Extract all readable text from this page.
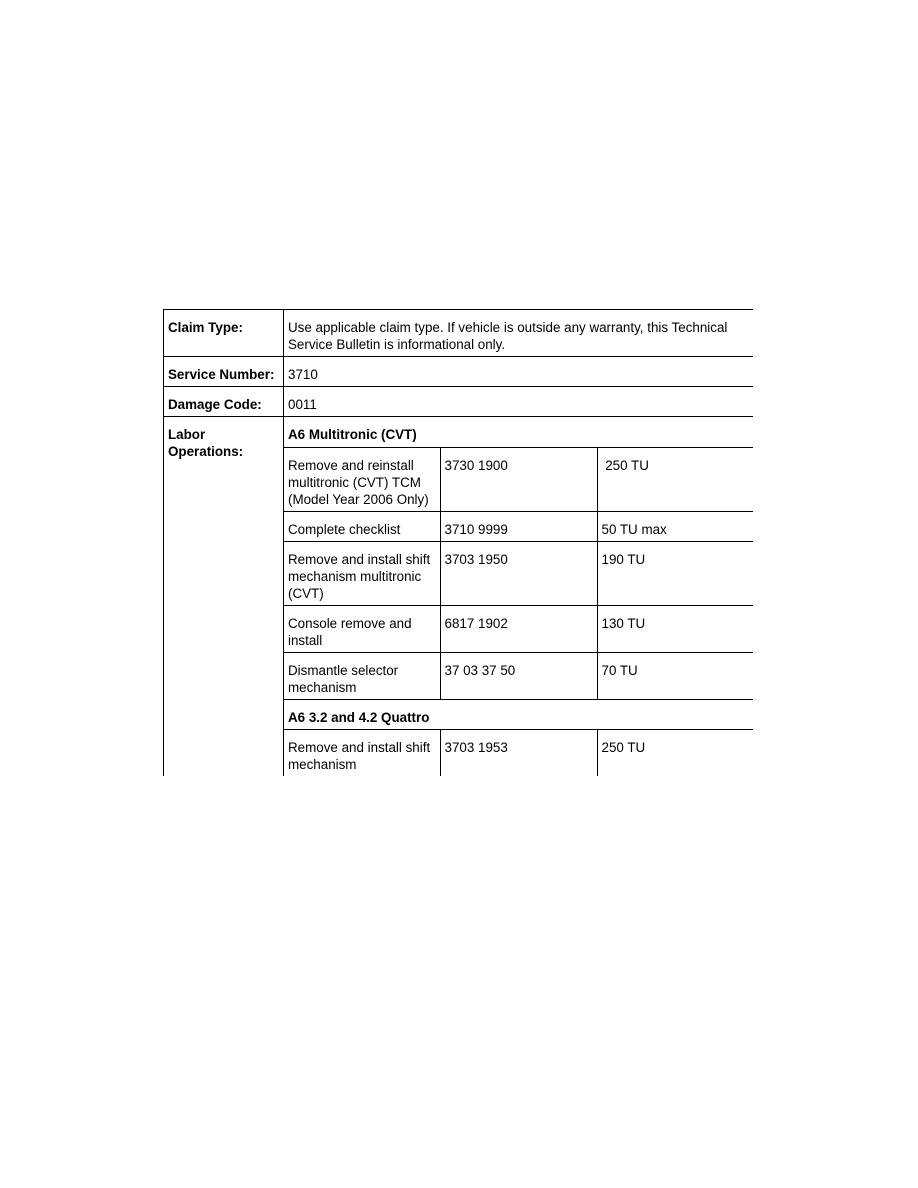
Claim Type:	Use applicable claim type. If vehicle is outside any warranty, this Technical Service Bulletin is informational only.
Service Number:	3710
Damage Code:	0011
Labor Operations:	
A6 Multitronic (CVT)
Remove and reinstall multitronic (CVT) TCM (Model Year 2006 Only)	3730 1900	250 TU
Complete checklist	3710 9999	50 TU max
Remove and install shift mechanism multitronic (CVT)	3703 1950	190 TU
Console remove and install	6817 1902	130 TU
Dismantle selector mechanism	37 03 37 50	70 TU
A6 3.2 and 4.2 Quattro
Remove and install shift mechanism	3703 1953	250 TU
